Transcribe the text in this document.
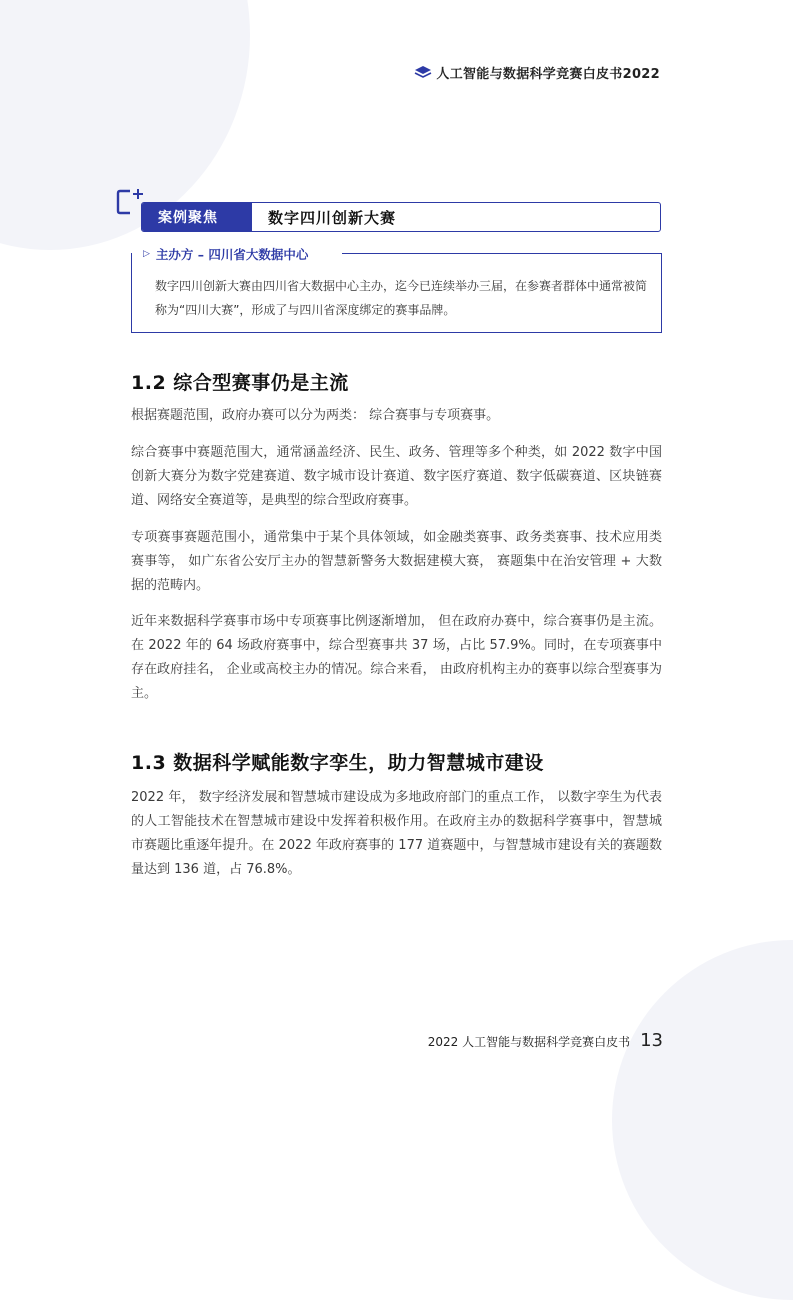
人工智能与数据科学竞赛白皮书2022
案例聚焦	数字四川创新大赛
▷ 主办方 – 四川省大数据中心
数字四川创新大赛由四川省大数据中心主办，迄今已连续举办三届，在参赛者群体中通常被简称为“四川大赛”，形成了与四川省深度绑定的赛事品牌。
1.2 综合型赛事仍是主流

根据赛题范围，政府办赛可以分为两类： 综合赛事与专项赛事。

综合赛事中赛题范围大，通常涵盖经济、民生、政务、管理等多个种类，如 2022 数字中国创新大赛分为数字党建赛道、数字城市设计赛道、数字医疗赛道、数字低碳赛道、区块链赛道、网络安全赛道等，是典型的综合型政府赛事。

专项赛事赛题范围小，通常集中于某个具体领域，如金融类赛事、政务类赛事、技术应用类赛事等， 如广东省公安厅主办的智慧新警务大数据建模大赛， 赛题集中在治安管理 + 大数据的范畴内。

近年来数据科学赛事市场中专项赛事比例逐渐增加， 但在政府办赛中，综合赛事仍是主流。在 2022 年的 64 场政府赛事中，综合型赛事共 37 场，占比 57.9%。同时，在专项赛事中存在政府挂名， 企业或高校主办的情况。综合来看， 由政府机构主办的赛事以综合型赛事为主。

1.3 数据科学赋能数字孪生，助力智慧城市建设

2022 年， 数字经济发展和智慧城市建设成为多地政府部门的重点工作， 以数字孪生为代表的人工智能技术在智慧城市建设中发挥着积极作用。在政府主办的数据科学赛事中，智慧城市赛题比重逐年提升。在 2022 年政府赛事的 177 道赛题中，与智慧城市建设有关的赛题数量达到 136 道，占 76.8%。

2022 人工智能与数据科学竞赛白皮书 13
